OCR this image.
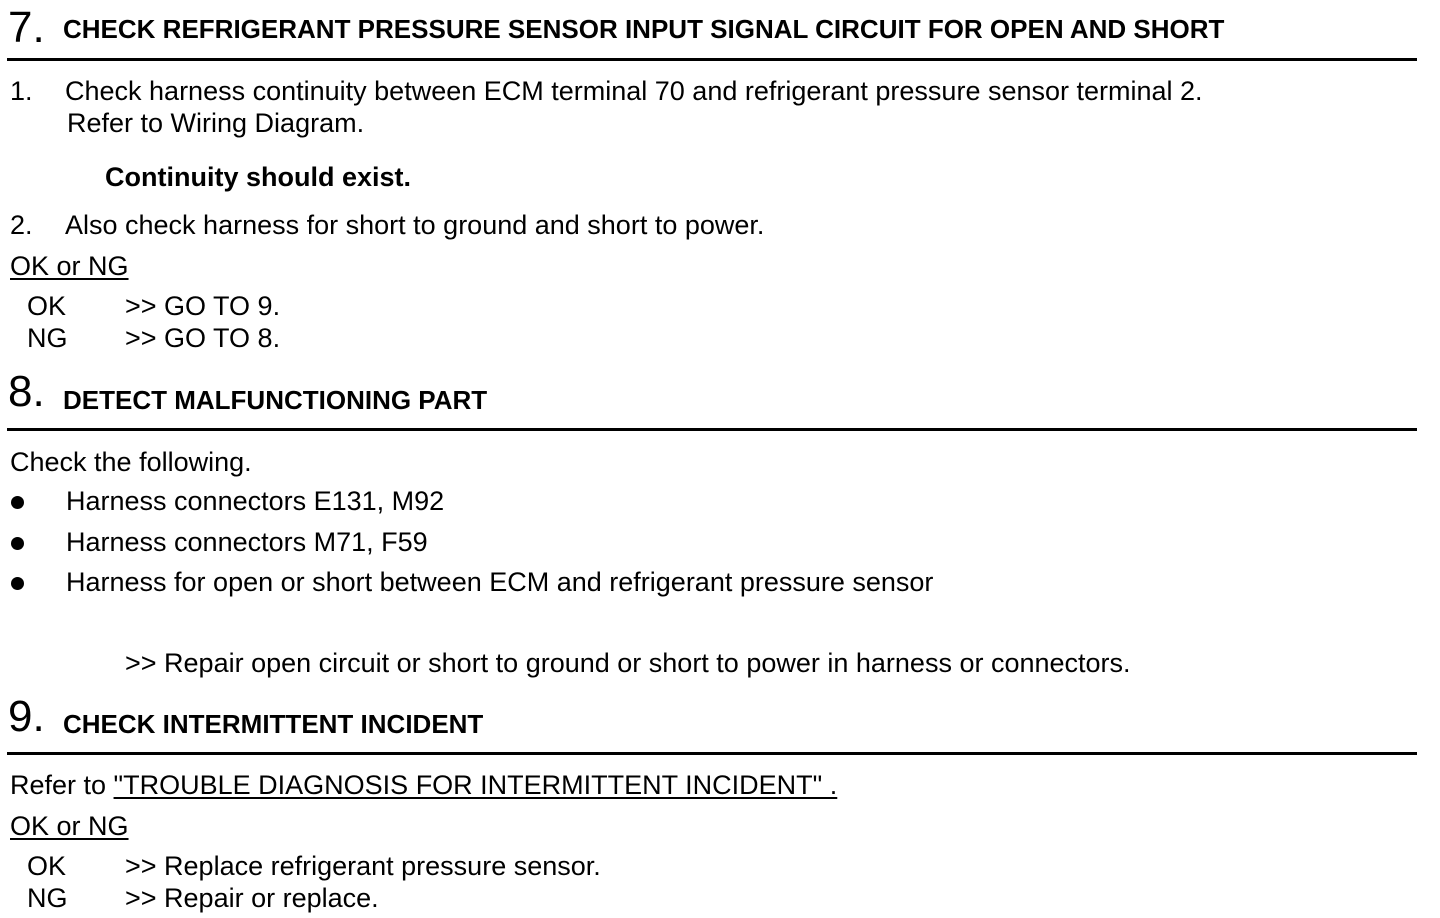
7. CHECK REFRIGERANT PRESSURE SENSOR INPUT SIGNAL CIRCUIT FOR OPEN AND SHORT
1. Check harness continuity between ECM terminal 70 and refrigerant pressure sensor terminal 2.
Refer to Wiring Diagram.
Continuity should exist.
2. Also check harness for short to ground and short to power.
OK or NG
OK >> GO TO 9.
NG >> GO TO 8.
8. DETECT MALFUNCTIONING PART
Check the following.
Harness connectors E131, M92
Harness connectors M71, F59
Harness for open or short between ECM and refrigerant pressure sensor
>> Repair open circuit or short to ground or short to power in harness or connectors.
9. CHECK INTERMITTENT INCIDENT
Refer to "TROUBLE DIAGNOSIS FOR INTERMITTENT INCIDENT" .
OK or NG
OK >> Replace refrigerant pressure sensor.
NG >> Repair or replace.
